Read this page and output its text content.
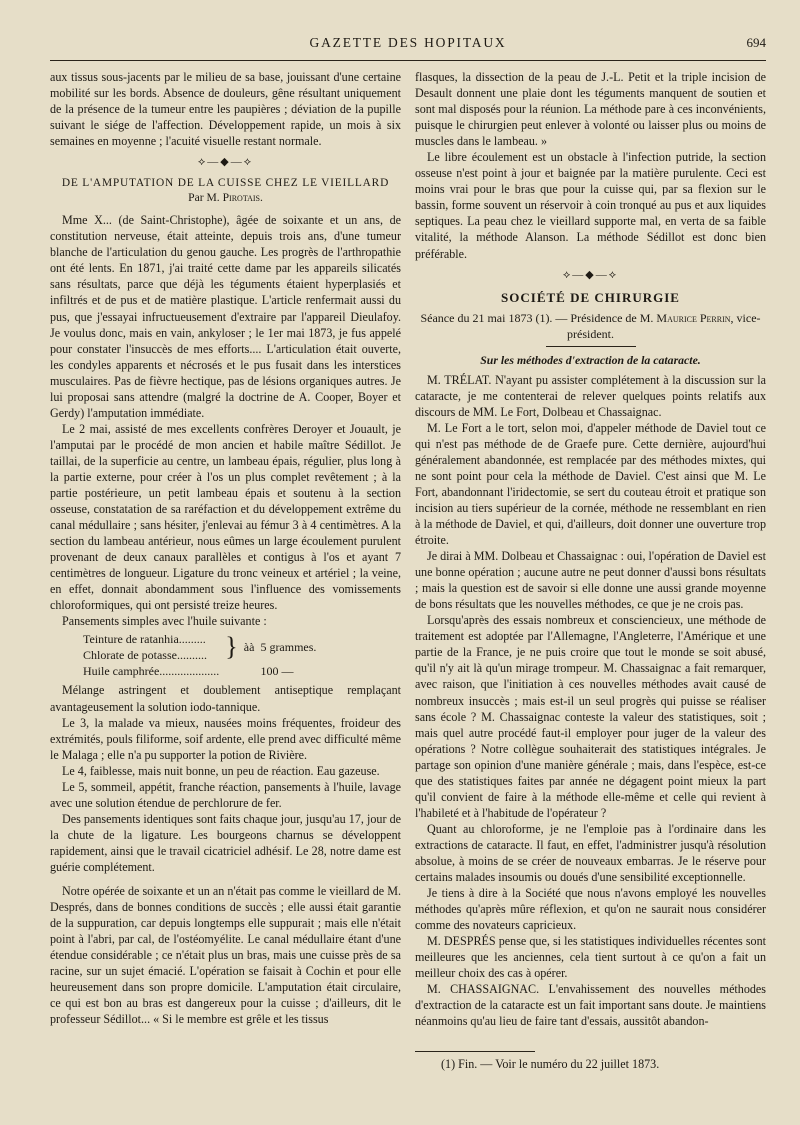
GAZETTE DES HOPITAUX	694

aux tissus sous-jacents par le milieu de sa base, jouissant d'une certaine mobilité sur les bords. Absence de douleurs, gêne résultant uniquement de la présence de la tumeur entre les paupières ; déviation de la pupille suivant le siége de l'affection. Développement rapide, un mois à six semaines en moyenne ; l'acuité visuelle restant normale.

⟡—◆—⟡
DE L'AMPUTATION DE LA CUISSE CHEZ LE VIEILLARD
Par M. Pirotais.

Mme X... (de Saint-Christophe), âgée de soixante et un ans, de constitution nerveuse, était atteinte, depuis trois ans, d'une tumeur blanche de l'articulation du genou gauche. Les progrès de l'arthropathie ont été lents. En 1871, j'ai traité cette dame par les appareils silicatés sans résultats, parce que déjà les téguments étaient hyperplasiés et infiltrés et de pus et de matière plastique. L'article renfermait aussi du pus, que j'essayai infructueusement d'extraire par l'appareil Dieulafoy. Je voulus donc, mais en vain, ankyloser ; le 1er mai 1873, je fus appelé pour constater l'insuccès de mes efforts.... L'articulation était ouverte, les condyles apparents et nécrosés et le pus fusait dans les interstices musculaires. Pas de fièvre hectique, pas de lésions organiques autres. Je lui proposai sans attendre (malgré la doctrine de A. Cooper, Boyer et Gerdy) l'amputation immédiate.

Le 2 mai, assisté de mes excellents confrères Deroyer et Jouault, je l'amputai par le procédé de mon ancien et habile maître Sédillot. Je taillai, de la superficie au centre, un lambeau épais, régulier, plus long à la partie externe, pour créer à l'os un plus complet revêtement ; à la partie postérieure, un petit lambeau épais et soutenu à la section osseuse, constatation de sa raréfaction et du développement extrême du canal médullaire ; sans hésiter, j'enlevai au fémur 3 à 4 centimètres. A la section du lambeau antérieur, nous eûmes un large écoulement purulent provenant de deux canaux parallèles et contigus à l'os et ayant 7 centimètres de longueur. Ligature du tronc veineux et artériel ; la veine, en effet, donnait abondamment sous l'influence des vomissements chloroformiques, qui ont persisté treize heures.

Pansements simples avec l'huile suivante :

Teinture de ratanhia.........	}	àà	5 grammes.
Chlorate de potasse..........			
Huile camphrée....................			100 —

Mélange astringent et doublement antiseptique remplaçant avantageusement la solution iodo-tannique.

Le 3, la malade va mieux, nausées moins fréquentes, froideur des extrémités, pouls filiforme, soif ardente, elle prend avec difficulté même le Malaga ; elle n'a pu supporter la potion de Rivière.

Le 4, faiblesse, mais nuit bonne, un peu de réaction. Eau gazeuse.

Le 5, sommeil, appétit, franche réaction, pansements à l'huile, lavage avec une solution étendue de perchlorure de fer.

Des pansements identiques sont faits chaque jour, jusqu'au 17, jour de la chute de la ligature. Les bourgeons charnus se développent rapidement, ainsi que le travail cicatriciel adhésif. Le 28, notre dame est guérie complétement.

Notre opérée de soixante et un an n'était pas comme le vieillard de M. Després, dans de bonnes conditions de succès ; elle aussi était garantie de la suppuration, car depuis longtemps elle suppurait ; mais elle n'était point à l'abri, par cal, de l'ostéomyélite. Le canal médullaire étant d'une étendue considérable ; ce n'était plus un bras, mais une cuisse près de sa racine, sur un sujet émacié. L'opération se faisait à Cochin et pour elle heureusement dans son propre domicile. L'amputation était circulaire, ce qui est bon au bras est dangereux pour la cuisse ; d'ailleurs, dit le professeur Sédillot... « Si le membre est grêle et les tissus

flasques, la dissection de la peau de J.-L. Petit et la triple incision de Desault donnent une plaie dont les téguments manquent de soutien et sont mal disposés pour la réunion. La méthode pare à ces inconvénients, puisque le chirurgien peut enlever à volonté ou laisser plus ou moins de muscles dans le lambeau. »

Le libre écoulement est un obstacle à l'infection putride, la section osseuse n'est point à jour et baignée par la matière purulente. Ceci est moins vrai pour le bras que pour la cuisse qui, par sa flexion sur le bassin, forme souvent un réservoir à coin tronqué au pus et aux liquides septiques. La peau chez le vieillard supporte mal, en verta de sa faible vitalité, la méthode Alanson. La méthode Sédillot est donc bien préférable.

⟡—◆—⟡
SOCIÉTÉ DE CHIRURGIE
Séance du 21 mai 1873 (1). — Présidence de M. Maurice Perrin, vice-président.
Sur les méthodes d'extraction de la cataracte.

M. TRÉLAT. N'ayant pu assister complétement à la discussion sur la cataracte, je me contenterai de relever quelques points relatifs aux discours de MM. Le Fort, Dolbeau et Chassaignac.

M. Le Fort a le tort, selon moi, d'appeler méthode de Daviel tout ce qui n'est pas méthode de de Graefe pure. Cette dernière, aujourd'hui généralement abandonnée, est remplacée par des méthodes mixtes, qui ne sont point pour cela la méthode de Daviel. C'est ainsi que M. Le Fort, abandonnant l'iridectomie, se sert du couteau étroit et pratique son incision au tiers supérieur de la cornée, méthode ne ressemblant en rien à la méthode de Daviel, et qui, d'ailleurs, doit donner une ouverture trop étroite.

Je dirai à MM. Dolbeau et Chassaignac : oui, l'opération de Daviel est une bonne opération ; aucune autre ne peut donner d'aussi bons résultats ; mais la question est de savoir si elle donne une aussi grande moyenne de bons résultats que les nouvelles méthodes, ce que je ne crois pas.

Lorsqu'après des essais nombreux et consciencieux, une méthode de traitement est adoptée par l'Allemagne, l'Angleterre, l'Amérique et une partie de la France, je ne puis croire que tout le monde se soit abusé, qu'il n'y ait là qu'un mirage trompeur. M. Chassaignac a fait remarquer, avec raison, que l'initiation à ces nouvelles méthodes avait causé de nombreux insuccès ; mais est-il un seul progrès qui puisse se réaliser sans école ? M. Chassaignac conteste la valeur des statistiques, soit ; mais quel autre procédé faut-il employer pour juger de la valeur des opérations ? Notre collègue souhaiterait des statistiques intégrales. Je partage son opinion d'une manière générale ; mais, dans l'espèce, est-ce que des statistiques faites par année ne dégagent point mieux la part qu'il convient de faire à la méthode elle-même et celle qui revient à l'habileté et à l'habitude de l'opérateur ?

Quant au chloroforme, je ne l'emploie pas à l'ordinaire dans les extractions de cataracte. Il faut, en effet, l'administrer jusqu'à résolution absolue, à moins de se créer de nouveaux embarras. Je le réserve pour certains malades insoumis ou doués d'une sensibilité exceptionnelle.

Je tiens à dire à la Société que nous n'avons employé les nouvelles méthodes qu'après mûre réflexion, et qu'on ne saurait nous considérer comme des novateurs capricieux.

M. DESPRÉS pense que, si les statistiques individuelles récentes sont meilleures que les anciennes, cela tient surtout à ce qu'on a fait un meilleur choix des cas à opérer.

M. CHASSAIGNAC. L'envahissement des nouvelles méthodes d'extraction de la cataracte est un fait important sans doute. Je maintiens néanmoins qu'au lieu de faire tant d'essais, aussitôt abandon-

(1) Fin. — Voir le numéro du 22 juillet 1873.
